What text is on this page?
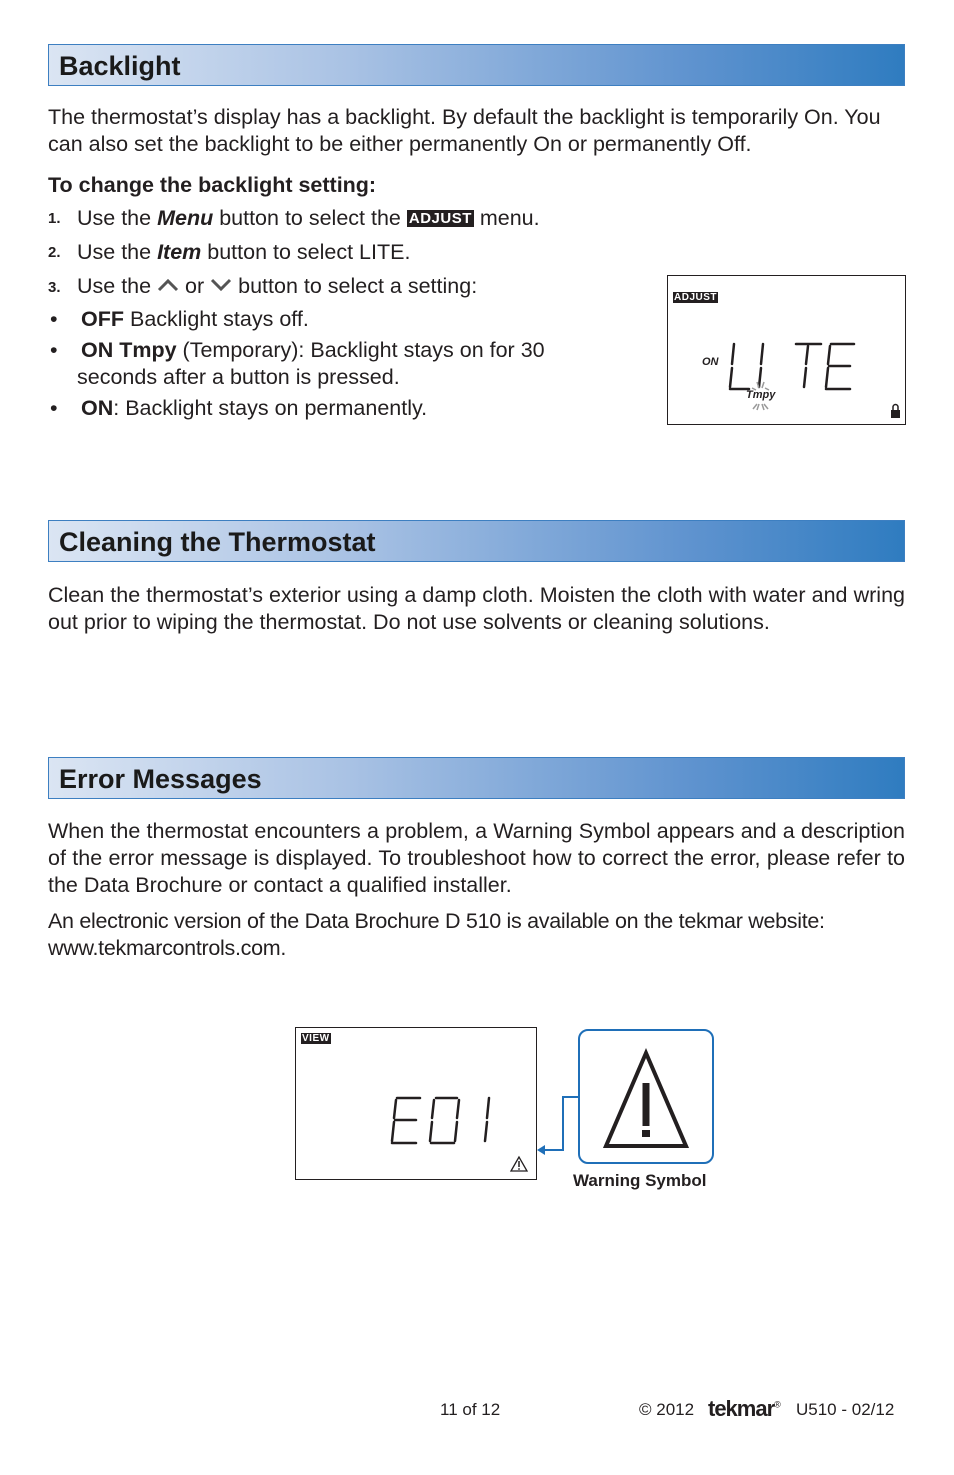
Backlight

The thermostat’s display has a backlight. By default the backlight is temporarily On. You can also set the backlight to be either permanently On or permanently Off.

To change the backlight setting:
1. Use the Menu button to select the ADJUST menu.
2. Use the Item button to select LITE.
3. Use the  or  button to select a setting:
• OFF Backlight stays off.
• ON Tmpy (Temporary): Backlight stays on for 30
seconds after a button is pressed.
• ON: Backlight stays on permanently.
ADJUST
ON
Tmpy
Cleaning the Thermostat

Clean the thermostat’s exterior using a damp cloth. Moisten the cloth with water and wring out prior to wiping the thermostat. Do not use solvents or cleaning solutions.

Error Messages

When the thermostat encounters a problem, a Warning Symbol appears and a description of the error message is displayed. To troubleshoot how to correct the error, please refer to the Data Brochure or contact a qualified installer.

An electronic version of the Data Brochure D 510 is available on the tekmar website: www.tekmarcontrols.com.

VIEW
Warning Symbol
11 of 12	© 2012 tekmar® U510 - 02/12
